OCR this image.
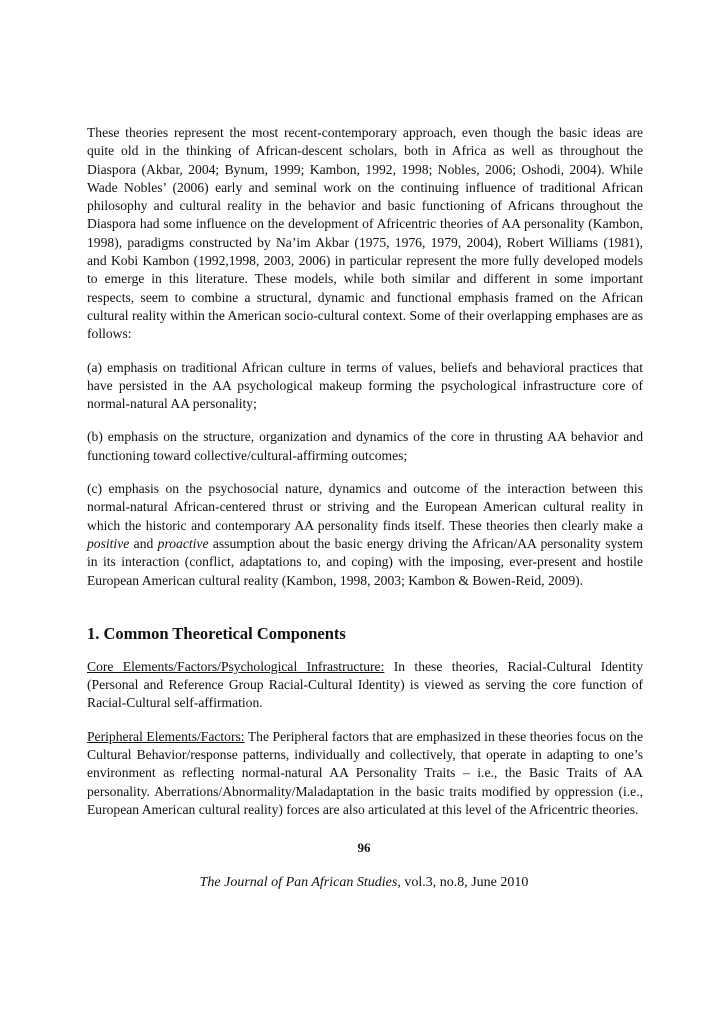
These theories represent the most recent-contemporary approach, even though the basic ideas are quite old in the thinking of African-descent scholars, both in Africa as well as throughout the Diaspora (Akbar, 2004; Bynum, 1999; Kambon, 1992, 1998; Nobles, 2006; Oshodi, 2004). While Wade Nobles’ (2006) early and seminal work on the continuing influence of traditional African philosophy and cultural reality in the behavior and basic functioning of Africans throughout the Diaspora had some influence on the development of Africentric theories of AA personality (Kambon, 1998), paradigms constructed by Na’im Akbar (1975, 1976, 1979, 2004), Robert Williams (1981), and Kobi Kambon (1992,1998, 2003, 2006) in particular represent the more fully developed models to emerge in this literature. These models, while both similar and different in some important respects, seem to combine a structural, dynamic and functional emphasis framed on the African cultural reality within the American socio-cultural context. Some of their overlapping emphases are as follows:

(a) emphasis on traditional African culture in terms of values, beliefs and behavioral practices that have persisted in the AA psychological makeup forming the psychological infrastructure core of normal-natural AA personality;

(b) emphasis on the structure, organization and dynamics of the core in thrusting AA behavior and functioning toward collective/cultural-affirming outcomes;

(c) emphasis on the psychosocial nature, dynamics and outcome of the interaction between this normal-natural African-centered thrust or striving and the European American cultural reality in which the historic and contemporary AA personality finds itself. These theories then clearly make a positive and proactive assumption about the basic energy driving the African/AA personality system in its interaction (conflict, adaptations to, and coping) with the imposing, ever-present and hostile European American cultural reality (Kambon, 1998, 2003; Kambon & Bowen-Reid, 2009).

1. Common Theoretical Components

Core Elements/Factors/Psychological Infrastructure: In these theories, Racial-Cultural Identity (Personal and Reference Group Racial-Cultural Identity) is viewed as serving the core function of Racial-Cultural self-affirmation.

Peripheral Elements/Factors: The Peripheral factors that are emphasized in these theories focus on the Cultural Behavior/response patterns, individually and collectively, that operate in adapting to one’s environment as reflecting normal-natural AA Personality Traits – i.e., the Basic Traits of AA personality. Aberrations/Abnormality/Maladaptation in the basic traits modified by oppression (i.e., European American cultural reality) forces are also articulated at this level of the Africentric theories.

96
The Journal of Pan African Studies, vol.3, no.8, June 2010
